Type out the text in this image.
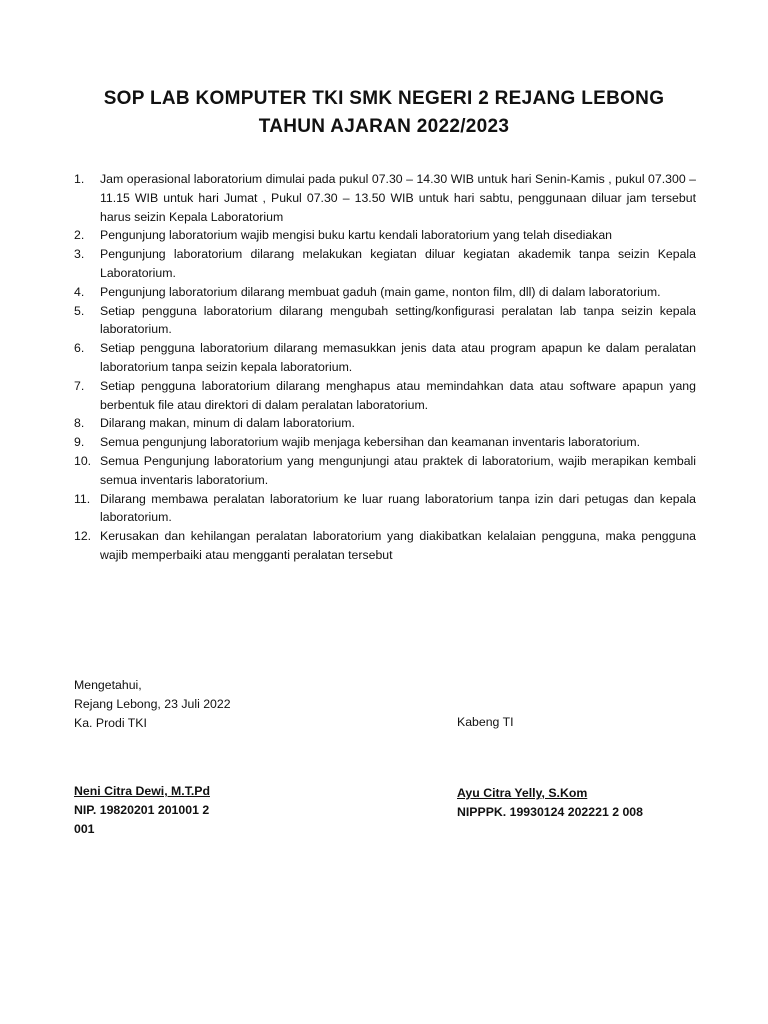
SOP LAB KOMPUTER TKI SMK NEGERI 2 REJANG LEBONG
TAHUN AJARAN 2022/2023
1.	Jam operasional laboratorium dimulai pada pukul 07.30 – 14.30 WIB untuk hari Senin-Kamis , pukul 07.300 – 11.15 WIB untuk hari Jumat , Pukul 07.30 – 13.50 WIB untuk hari sabtu, penggunaan diluar jam tersebut harus seizin Kepala Laboratorium
2.	Pengunjung laboratorium wajib mengisi buku kartu kendali laboratorium yang telah disediakan
3.	Pengunjung laboratorium dilarang melakukan kegiatan diluar kegiatan akademik tanpa seizin Kepala Laboratorium.
4.	Pengunjung laboratorium dilarang membuat gaduh (main game, nonton film, dll) di dalam laboratorium.
5.	Setiap pengguna laboratorium dilarang mengubah setting/konfigurasi peralatan lab tanpa seizin kepala laboratorium.
6.	Setiap pengguna laboratorium dilarang memasukkan jenis data atau program apapun ke dalam peralatan laboratorium tanpa seizin kepala laboratorium.
7.	Setiap pengguna laboratorium dilarang menghapus atau memindahkan data atau software apapun yang berbentuk file atau direktori di dalam peralatan laboratorium.
8.	Dilarang makan, minum di dalam laboratorium.
9.	Semua pengunjung laboratorium wajib menjaga kebersihan dan keamanan inventaris laboratorium.
10. Semua Pengunjung laboratorium yang mengunjungi atau praktek di laboratorium, wajib merapikan kembali semua inventaris laboratorium.
11. Dilarang membawa peralatan laboratorium ke luar ruang laboratorium tanpa izin dari petugas dan kepala laboratorium.
12. Kerusakan dan kehilangan peralatan laboratorium yang diakibatkan kelalaian pengguna, maka pengguna wajib memperbaiki atau mengganti peralatan tersebut
Mengetahui,
Rejang Lebong, 23 Juli 2022
Ka. Prodi TKI	Kabeng TI
Neni Citra Dewi, M.T.Pd
NIP. 19820201 201001 2 001
Ayu Citra Yelly, S.Kom
NIPPPK. 19930124 202221 2 008
